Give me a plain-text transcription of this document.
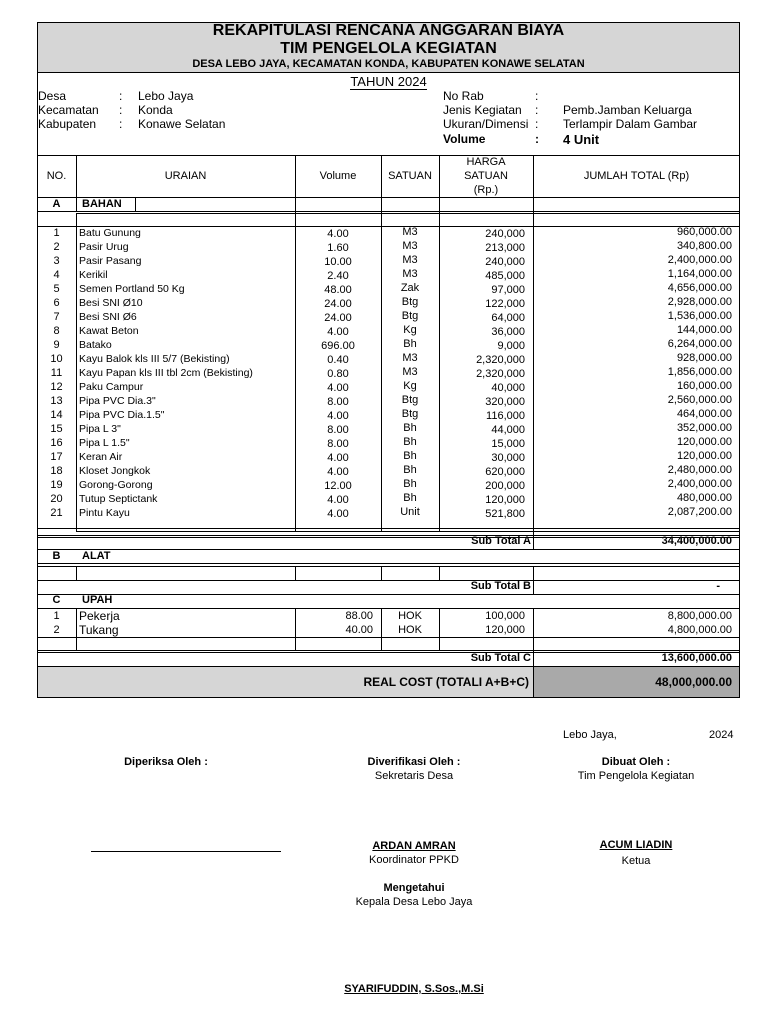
REKAPITULASI RENCANA ANGGARAN BIAYA
TIM PENGELOLA KEGIATAN
DESA LEBO JAYA, KECAMATAN KONDA, KABUPATEN KONAWE SELATAN
TAHUN 2024
Desa	: Lebo Jaya
Kecamatan : Konda
Kabupaten : Konawe Selatan
No Rab	:
Jenis Kegiatan : Pemb.Jamban Keluarga
Ukuran/Dimensi : Terlampir Dalam Gambar
Volume	: 4 Unit
NO.	URAIAN	Volume	SATUAN
HARGA
SATUAN
(Rp.)
JUMLAH TOTAL (Rp)
A	BAHAN
1	Batu Gunung	4.00	M3	240,000	960,000.00
2	Pasir Urug	1.60	M3	213,000	340,800.00
3	Pasir Pasang	10.00	M3	240,000	2,400,000.00
4	Kerikil	2.40	M3	485,000	1,164,000.00
5	Semen Portland 50 Kg	48.00	Zak	97,000	4,656,000.00
6	Besi SNI Ø10	24.00	Btg	122,000	2,928,000.00
7	Besi SNI Ø6	24.00	Btg	64,000	1,536,000.00
8	Kawat Beton	4.00	Kg	36,000	144,000.00
9	Batako	696.00	Bh	9,000	6,264,000.00
10	Kayu Balok kls III 5/7 (Bekisting)	0.40	M3	2,320,000	928,000.00
11	Kayu Papan kls III tbl 2cm (Bekisting)	0.80	M3	2,320,000	1,856,000.00
12	Paku Campur	4.00	Kg	40,000	160,000.00
13	Pipa PVC Dia.3"	8.00	Btg	320,000	2,560,000.00
14	Pipa PVC Dia.1.5"	4.00	Btg	116,000	464,000.00
15	Pipa L 3"	8.00	Bh	44,000	352,000.00
16	Pipa L 1.5"	8.00	Bh	15,000	120,000.00
17	Keran Air	4.00	Bh	30,000	120,000.00
18	Kloset Jongkok	4.00	Bh	620,000	2,480,000.00
19	Gorong-Gorong	12.00	Bh	200,000	2,400,000.00
20	Tutup Septictank	4.00	Bh	120,000	480,000.00
21	Pintu Kayu	4.00	Unit	521,800	2,087,200.00
Sub Total A	34,400,000.00
B	ALAT
Sub Total B	-
C	UPAH
1	Pekerja	88.00	HOK	100,000	8,800,000.00
2	Tukang	40.00	HOK	120,000	4,800,000.00
Sub Total C	13,600,000.00
REAL COST (TOTALI A+B+C)	48,000,000.00
Lebo Jaya,	2024
Diperiksa Oleh :	Diverifikasi Oleh :
Sekretaris Desa
Dibuat Oleh :
Tim Pengelola Kegiatan
ARDAN AMRAN
Koordinator PPKD
ACUM LIADIN
Ketua
Mengetahui
Kepala Desa Lebo Jaya
SYARIFUDDIN, S.Sos.,M.Si
